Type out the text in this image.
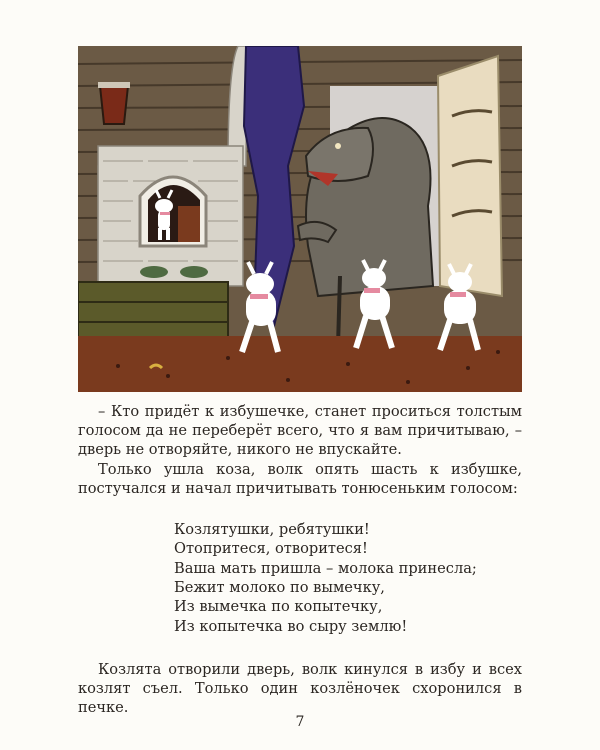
– Кто придёт к избушечке, станет проситься толстым голосом да не переберёт всего, что я вам причитываю, – дверь не отворяйте, никого не впускайте.

Только ушла коза, волк опять шасть к избушке, постучался и начал причитывать тонюсеньким голосом:

Козлятушки, ребятушки!
Отопритеся, отворитеся!
Ваша мать пришла – молока принесла;
Бежит молоко по вымечку,
Из вымечка по копытечку,
Из копытечка во сыру землю!

Козлята отворили дверь, волк кинулся в избу и всех козлят съел. Только один козлёночек схоронился в печке.

7
